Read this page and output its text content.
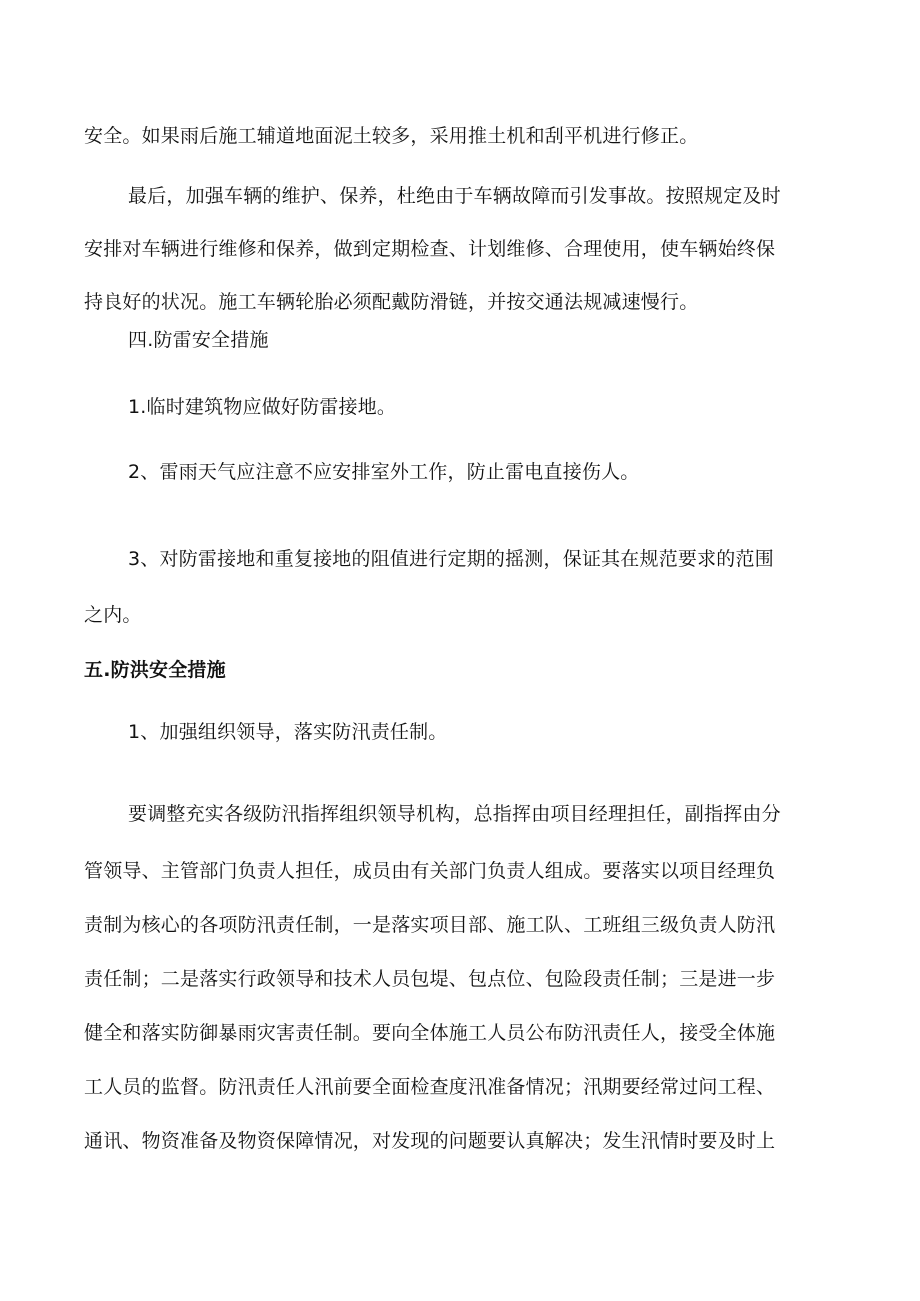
安全。如果雨后施工辅道地面泥土较多，采用推土机和刮平机进行修正。
最后，加强车辆的维护、保养，杜绝由于车辆故障而引发事故。按照规定及时
安排对车辆进行维修和保养，做到定期检查、计划维修、合理使用，使车辆始终保
持良好的状况。施工车辆轮胎必须配戴防滑链，并按交通法规减速慢行。
四.防雷安全措施
1.临时建筑物应做好防雷接地。
2、雷雨天气应注意不应安排室外工作，防止雷电直接伤人。
3、对防雷接地和重复接地的阻值进行定期的摇测，保证其在规范要求的范围
之内。
五.防洪安全措施
1、加强组织领导，落实防汛责任制。
要调整充实各级防汛指挥组织领导机构，总指挥由项目经理担任，副指挥由分
管领导、主管部门负责人担任，成员由有关部门负责人组成。要落实以项目经理负
责制为核心的各项防汛责任制，一是落实项目部、施工队、工班组三级负责人防汛
责任制；二是落实行政领导和技术人员包堤、包点位、包险段责任制；三是进一步
健全和落实防御暴雨灾害责任制。要向全体施工人员公布防汛责任人，接受全体施
工人员的监督。防汛责任人汛前要全面检查度汛准备情况；汛期要经常过问工程、
通讯、物资准备及物资保障情况，对发现的问题要认真解决；发生汛情时要及时上
